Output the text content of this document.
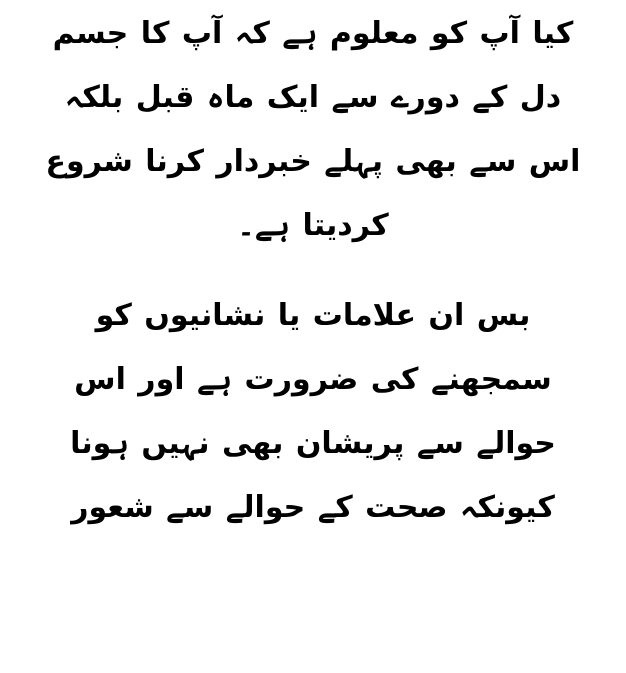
کیا آپ کو معلوم ہے کہ آپ کا جسم
دل کے دورے سے ایک ماہ قبل بلکہ
اس سے بھی پہلے خبردار کرنا شروع
کردیتا ہے۔
بس ان علامات یا نشانیوں کو
سمجھنے کی ضرورت ہے اور اس
حوالے سے پریشان بھی نہیں ہونا
کیونکہ صحت کے حوالے سے شعور
